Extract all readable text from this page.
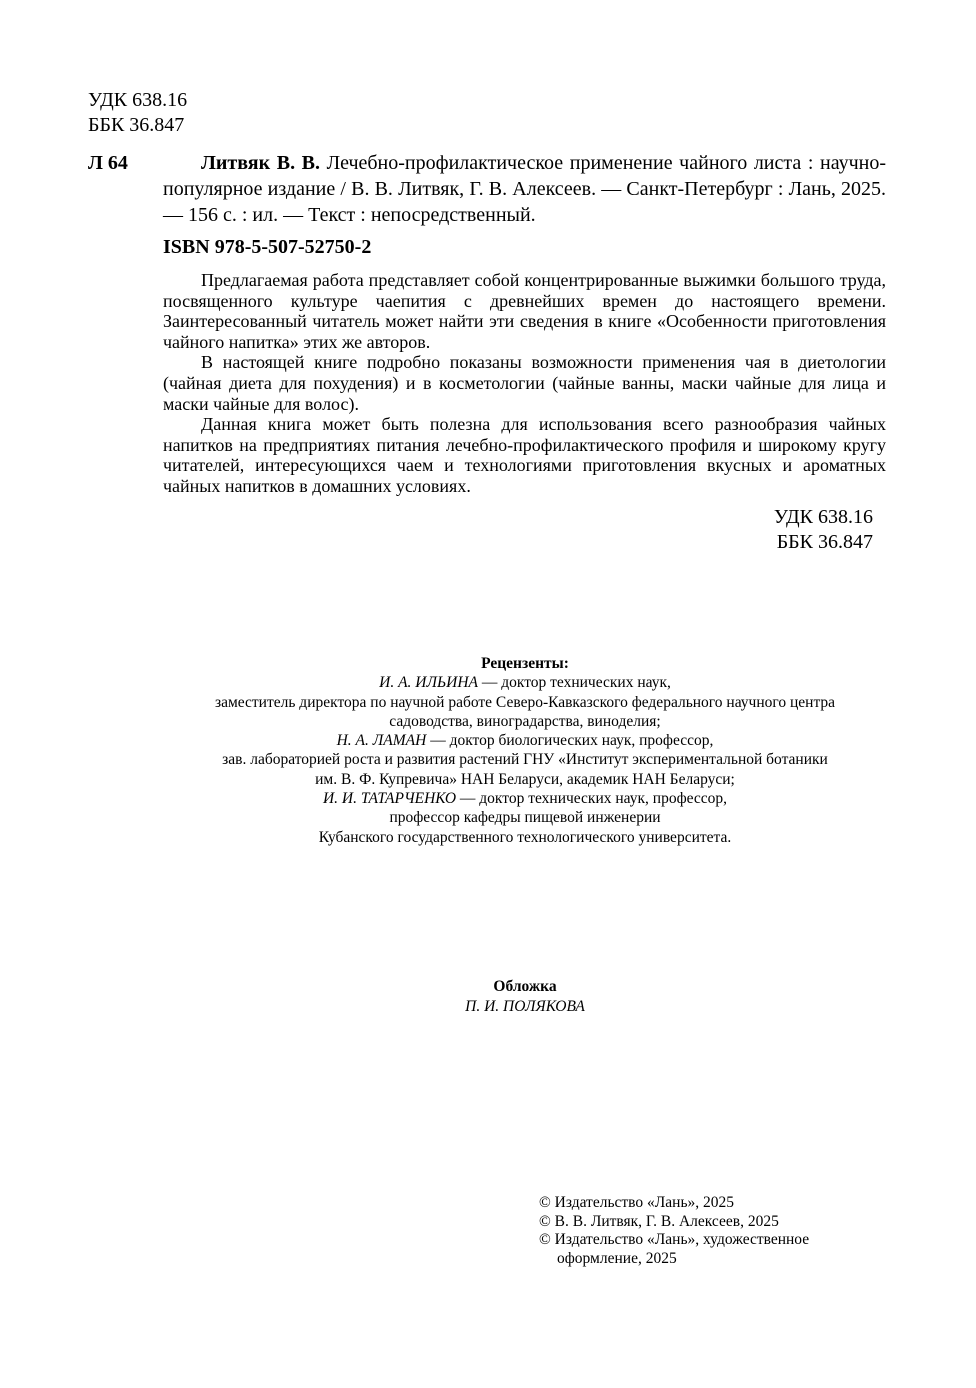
УДК 638.16
ББК 36.847
Л 64	Литвяк В. В. Лечебно-профилактическое применение чайного листа : научно-популярное издание / В. В. Литвяк, Г. В. Алексеев. — Санкт-Петербург : Лань, 2025. — 156 с. : ил. — Текст : непосредственный.
ISBN 978-5-507-52750-2

Предлагаемая работа представляет собой концентрированные выжимки большого труда, посвященного культуре чаепития с древнейших времен до настоящего времени. Заинтересованный читатель может найти эти сведения в книге «Особенности приготовления чайного напитка» этих же авторов.

В настоящей книге подробно показаны возможности применения чая в диетологии (чайная диета для похудения) и в косметологии (чайные ванны, маски чайные для лица и маски чайные для волос).

Данная книга может быть полезна для использования всего разнообразия чайных напитков на предприятиях питания лечебно-профилактического профиля и широкому кругу читателей, интересующихся чаем и технологиями приготовления вкусных и ароматных чайных напитков в домашних условиях.

УДК 638.16
ББК 36.847
Рецензенты:
И. А. ИЛЬИНА — доктор технических наук,
заместитель директора по научной работе Северо-Кавказского федерального научного центра
садоводства, виноградарства, виноделия;
Н. А. ЛАМАН — доктор биологических наук, профессор,
зав. лабораторией роста и развития растений ГНУ «Институт экспериментальной ботаники
им. В. Ф. Купревича» НАН Беларуси, академик НАН Беларуси;
И. И. ТАТАРЧЕНКО — доктор технических наук, профессор,
профессор кафедры пищевой инженерии
Кубанского государственного технологического университета.
Обложка
П. И. ПОЛЯКОВА
© Издательство «Лань», 2025
© В. В. Литвяк, Г. В. Алексеев, 2025
© Издательство «Лань», художественное
оформление, 2025
